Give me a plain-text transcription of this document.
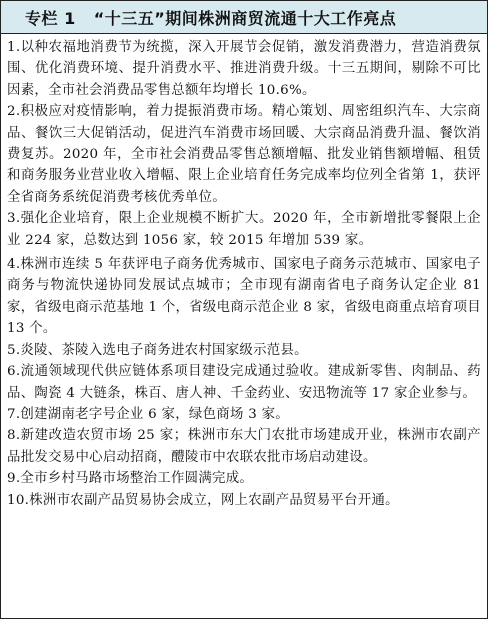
专栏 1 “十三五”期间株洲商贸流通十大工作亮点

1.以种农福地消费节为统揽，深入开展节会促销，激发消费潜力，营造消费氛围、优化消费环境、提升消费水平、推进消费升级。十三五期间，剔除不可比因素，全市社会消费品零售总额年均增长 10.6%。

2.积极应对疫情影响，着力提振消费市场。精心策划、周密组织汽车、大宗商品、餐饮三大促销活动，促进汽车消费市场回暖、大宗商品消费升温、餐饮消费复苏。2020 年，全市社会消费品零售总额增幅、批发业销售额增幅、租赁和商务服务业营业收入增幅、限上企业培育任务完成率均位列全省第 1，获评全省商务系统促消费考核优秀单位。

3.强化企业培育，限上企业规模不断扩大。2020 年，全市新增批零餐限上企业 224 家，总数达到 1056 家，较 2015 年增加 539 家。

4.株洲市连续 5 年获评电子商务优秀城市、国家电子商务示范城市、国家电子商务与物流快递协同发展试点城市；全市现有湖南省电子商务认定企业 81 家，省级电商示范基地 1 个，省级电商示范企业 8 家，省级电商重点培育项目 13 个。

5.炎陵、茶陵入选电子商务进农村国家级示范县。

6.流通领域现代供应链体系项目建设完成通过验收。建成新零售、肉制品、药品、陶瓷 4 大链条，株百、唐人神、千金药业、安迅物流等 17 家企业参与。

7.创建湖南老字号企业 6 家，绿色商场 3 家。

8.新建改造农贸市场 25 家；株洲市东大门农批市场建成开业，株洲市农副产品批发交易中心启动招商，醴陵市中农联农批市场启动建设。

9.全市乡村马路市场整治工作圆满完成。

10.株洲市农副产品贸易协会成立，网上农副产品贸易平台开通。
